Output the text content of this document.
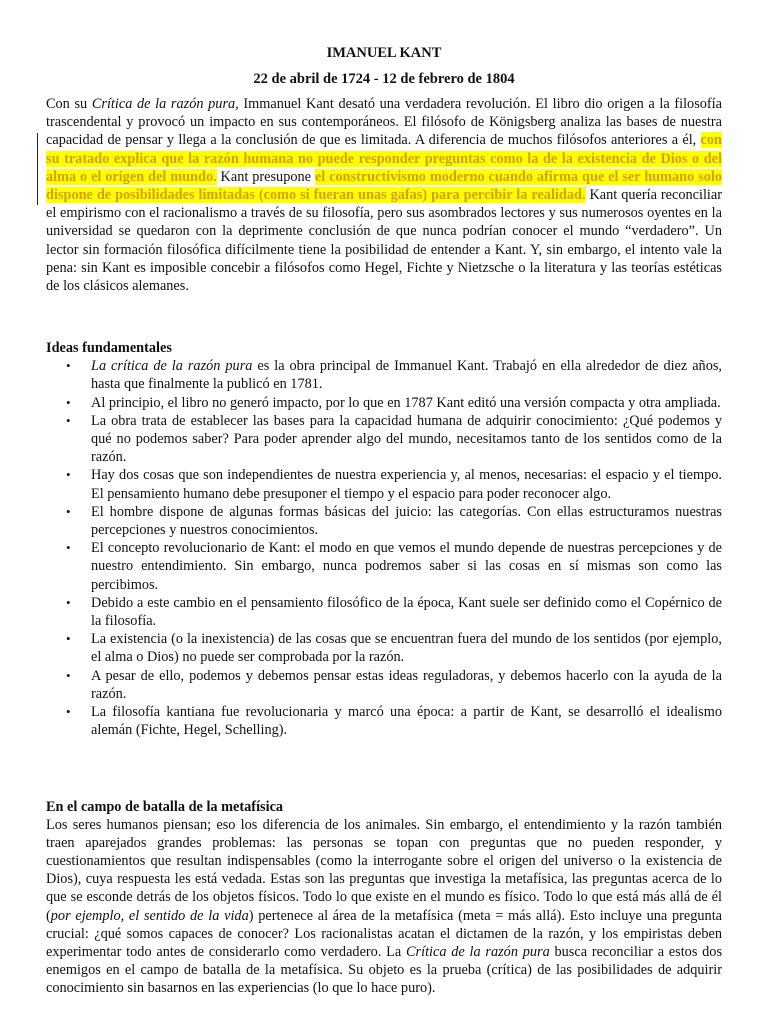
IMANUEL KANT
22 de abril de 1724 - 12 de febrero de 1804

Con su Crítica de la razón pura, Immanuel Kant desató una verdadera revolución. El libro dio origen a la filosofía trascendental y provocó un impacto en sus contemporáneos. El filósofo de Königsberg analiza las bases de nuestra capacidad de pensar y llega a la conclusión de que es limitada. A diferencia de muchos filósofos anteriores a él, con su tratado explica que la razón humana no puede responder preguntas como la de la existencia de Dios o del alma o el origen del mundo. Kant presupone el constructivismo moderno cuando afirma que el ser humano solo dispone de posibilidades limitadas (como si fueran unas gafas) para percibir la realidad. Kant quería reconciliar el empirismo con el racionalismo a través de su filosofía, pero sus asombrados lectores y sus numerosos oyentes en la universidad se quedaron con la deprimente conclusión de que nunca podrían conocer el mundo “verdadero”. Un lector sin formación filosófica difícilmente tiene la posibilidad de entender a Kant. Y, sin embargo, el intento vale la pena: sin Kant es imposible concebir a filósofos como Hegel, Fichte y Nietzsche o la literatura y las teorías estéticas de los clásicos alemanes.

Ideas fundamentales
• La crítica de la razón pura es la obra principal de Immanuel Kant. Trabajó en ella alrededor de diez años, hasta que finalmente la publicó en 1781.
• Al principio, el libro no generó impacto, por lo que en 1787 Kant editó una versión compacta y otra ampliada.
• La obra trata de establecer las bases para la capacidad humana de adquirir conocimiento: ¿Qué podemos y qué no podemos saber? Para poder aprender algo del mundo, necesitamos tanto de los sentidos como de la razón.
• Hay dos cosas que son independientes de nuestra experiencia y, al menos, necesarias: el espacio y el tiempo. El pensamiento humano debe presuponer el tiempo y el espacio para poder reconocer algo.
• El hombre dispone de algunas formas básicas del juicio: las categorías. Con ellas estructuramos nuestras percepciones y nuestros conocimientos.
• El concepto revolucionario de Kant: el modo en que vemos el mundo depende de nuestras percepciones y de nuestro entendimiento. Sin embargo, nunca podremos saber si las cosas en sí mismas son como las percibimos.
• Debido a este cambio en el pensamiento filosófico de la época, Kant suele ser definido como el Copérnico de la filosofía.
• La existencia (o la inexistencia) de las cosas que se encuentran fuera del mundo de los sentidos (por ejemplo, el alma o Dios) no puede ser comprobada por la razón.
• A pesar de ello, podemos y debemos pensar estas ideas reguladoras, y debemos hacerlo con la ayuda de la razón.
• La filosofía kantiana fue revolucionaria y marcó una época: a partir de Kant, se desarrolló el idealismo alemán (Fichte, Hegel, Schelling).
En el campo de batalla de la metafísica

Los seres humanos piensan; eso los diferencia de los animales. Sin embargo, el entendimiento y la razón también traen aparejados grandes problemas: las personas se topan con preguntas que no pueden responder, y cuestionamientos que resultan indispensables (como la interrogante sobre el origen del universo o la existencia de Dios), cuya respuesta les está vedada. Estas son las preguntas que investiga la metafísica, las preguntas acerca de lo que se esconde detrás de los objetos físicos. Todo lo que existe en el mundo es físico. Todo lo que está más allá de él (por ejemplo, el sentido de la vida) pertenece al área de la metafísica (meta = más allá). Esto incluye una pregunta crucial: ¿qué somos capaces de conocer? Los racionalistas acatan el dictamen de la razón, y los empiristas deben experimentar todo antes de considerarlo como verdadero. La Crítica de la razón pura busca reconciliar a estos dos enemigos en el campo de batalla de la metafísica. Su objeto es la prueba (crítica) de las posibilidades de adquirir conocimiento sin basarnos en las experiencias (lo que lo hace puro).
